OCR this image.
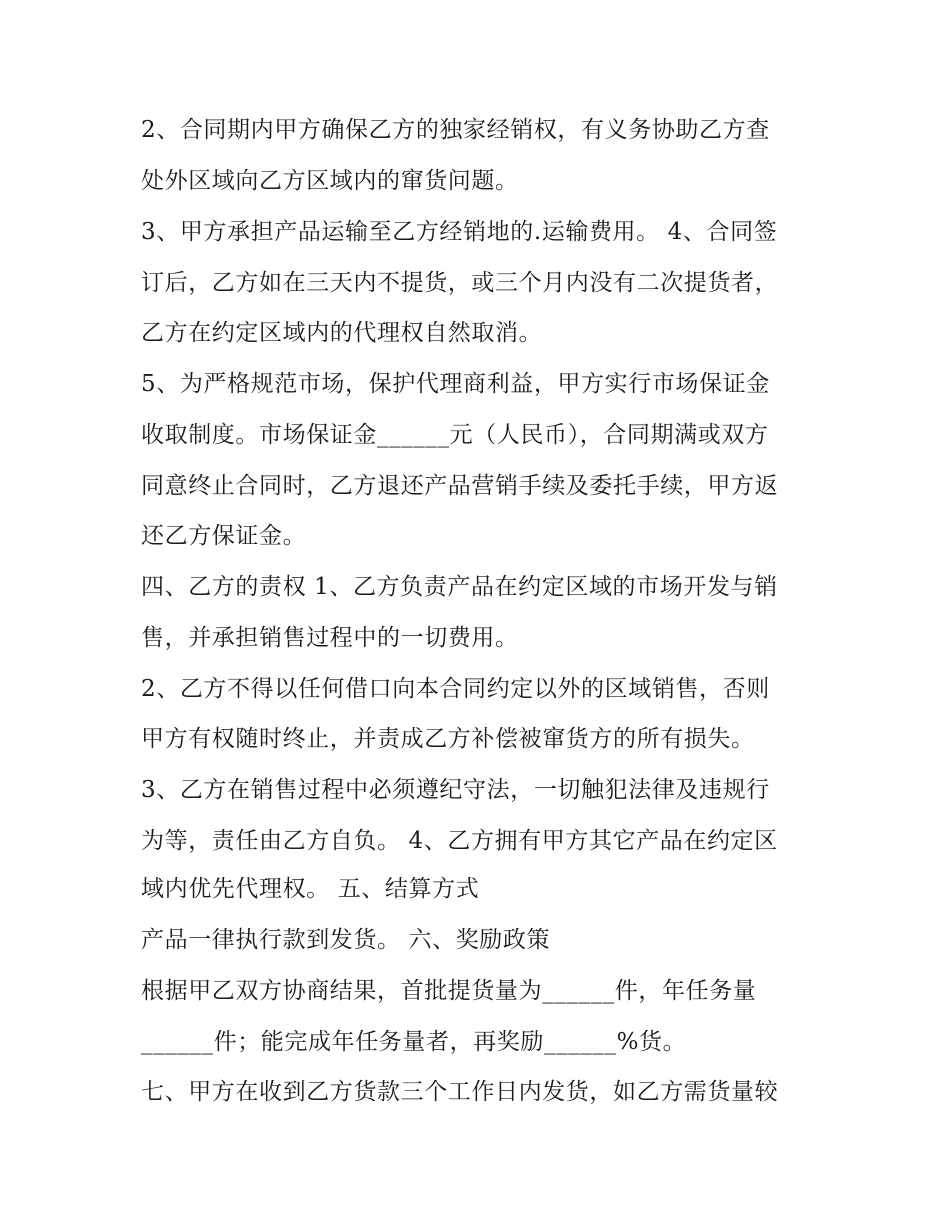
2、合同期内甲方确保乙方的独家经销权，有义务协助乙方查
处外区域向乙方区域内的窜货问题。
3、甲方承担产品运输至乙方经销地的.运输费用。 4、合同签
订后，乙方如在三天内不提货，或三个月内没有二次提货者，
乙方在约定区域内的代理权自然取消。
5、为严格规范市场，保护代理商利益，甲方实行市场保证金
收取制度。市场保证金______元（人民币），合同期满或双方
同意终止合同时，乙方退还产品营销手续及委托手续，甲方返
还乙方保证金。
四、乙方的责权 1、乙方负责产品在约定区域的市场开发与销
售，并承担销售过程中的一切费用。
2、乙方不得以任何借口向本合同约定以外的区域销售，否则
甲方有权随时终止，并责成乙方补偿被窜货方的所有损失。
3、乙方在销售过程中必须遵纪守法，一切触犯法律及违规行
为等，责任由乙方自负。 4、乙方拥有甲方其它产品在约定区
域内优先代理权。 五、结算方式
产品一律执行款到发货。 六、奖励政策
根据甲乙双方协商结果，首批提货量为______件，年任务量
______件；能完成年任务量者，再奖励______%货。
七、甲方在收到乙方货款三个工作日内发货，如乙方需货量较
